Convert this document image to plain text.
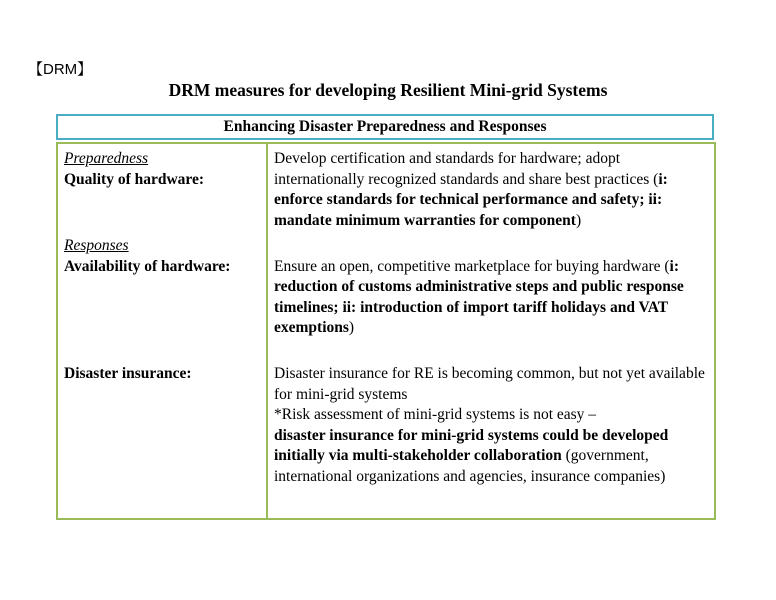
【DRM】
DRM measures for developing Resilient Mini-grid Systems
Enhancing Disaster Preparedness and Responses
Preparedness
Quality of hardware:
Develop certification and standards for hardware; adopt internationally recognized standards and share best practices (i: enforce standards for technical performance and safety; ii: mandate minimum warranties for component)
Responses
Availability of hardware:	Ensure an open, competitive marketplace for buying hardware (i: reduction of customs administrative steps and public response timelines; ii: introduction of import tariff holidays and VAT exemptions)
Disaster insurance:	Disaster insurance for RE is becoming common, but not yet available for mini-grid systems
*Risk assessment of mini-grid systems is not easy –
disaster insurance for mini-grid systems could be developed initially via multi-stakeholder collaboration (government, international organizations and agencies, insurance companies)
